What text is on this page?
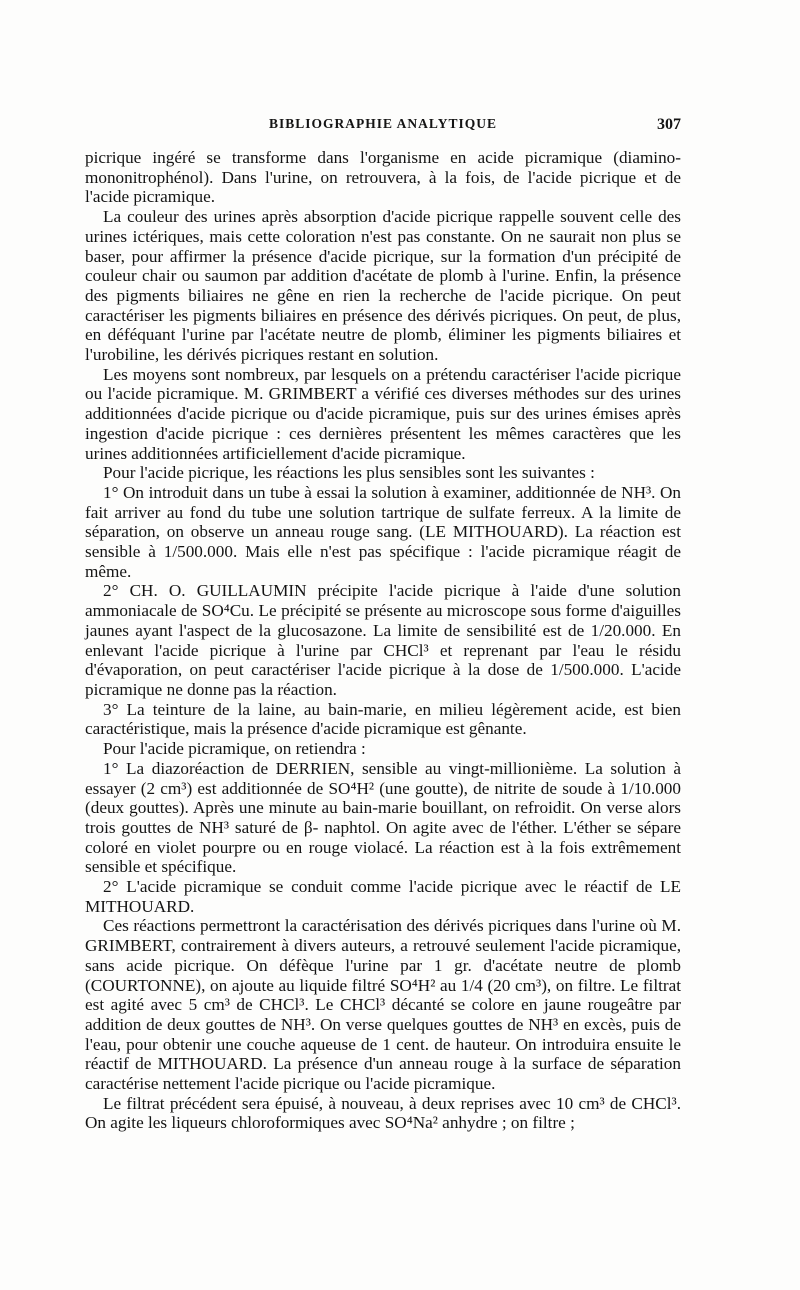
BIBLIOGRAPHIE ANALYTIQUE	307

picrique ingéré se transforme dans l'organisme en acide picramique (diamino-mononitrophénol). Dans l'urine, on retrouvera, à la fois, de l'acide picrique et de l'acide picramique.

La couleur des urines après absorption d'acide picrique rappelle souvent celle des urines ictériques, mais cette coloration n'est pas constante. On ne saurait non plus se baser, pour affirmer la présence d'acide picrique, sur la formation d'un précipité de couleur chair ou saumon par addition d'acétate de plomb à l'urine. Enfin, la présence des pigments biliaires ne gêne en rien la recherche de l'acide picrique. On peut caractériser les pigments biliaires en présence des dérivés picriques. On peut, de plus, en déféquant l'urine par l'acétate neutre de plomb, éliminer les pigments biliaires et l'urobiline, les dérivés picriques restant en solution.

Les moyens sont nombreux, par lesquels on a prétendu caractériser l'acide picrique ou l'acide picramique. M. GRIMBERT a vérifié ces diverses méthodes sur des urines additionnées d'acide picrique ou d'acide picramique, puis sur des urines émises après ingestion d'acide picrique : ces dernières présentent les mêmes caractères que les urines additionnées artificiellement d'acide picramique.

Pour l'acide picrique, les réactions les plus sensibles sont les suivantes :

1° On introduit dans un tube à essai la solution à examiner, additionnée de NH³. On fait arriver au fond du tube une solution tartrique de sulfate ferreux. A la limite de séparation, on observe un anneau rouge sang. (LE MITHOUARD). La réaction est sensible à 1/500.000. Mais elle n'est pas spécifique : l'acide picramique réagit de même.

2° CH. O. GUILLAUMIN précipite l'acide picrique à l'aide d'une solution ammoniacale de SO⁴Cu. Le précipité se présente au microscope sous forme d'aiguilles jaunes ayant l'aspect de la glucosazone. La limite de sensibilité est de 1/20.000. En enlevant l'acide picrique à l'urine par CHCl³ et reprenant par l'eau le résidu d'évaporation, on peut caractériser l'acide picrique à la dose de 1/500.000. L'acide picramique ne donne pas la réaction.

3° La teinture de la laine, au bain-marie, en milieu légèrement acide, est bien caractéristique, mais la présence d'acide picramique est gênante.

Pour l'acide picramique, on retiendra :

1° La diazoréaction de DERRIEN, sensible au vingt-millionième. La solution à essayer (2 cm³) est additionnée de SO⁴H² (une goutte), de nitrite de soude à 1/10.000 (deux gouttes). Après une minute au bain-marie bouillant, on refroidit. On verse alors trois gouttes de NH³ saturé de β- naphtol. On agite avec de l'éther. L'éther se sépare coloré en violet pourpre ou en rouge violacé. La réaction est à la fois extrêmement sensible et spécifique.

2° L'acide picramique se conduit comme l'acide picrique avec le réactif de LE MITHOUARD.

Ces réactions permettront la caractérisation des dérivés picriques dans l'urine où M. GRIMBERT, contrairement à divers auteurs, a retrouvé seulement l'acide picramique, sans acide picrique. On défèque l'urine par 1 gr. d'acétate neutre de plomb (COURTONNE), on ajoute au liquide filtré SO⁴H² au 1/4 (20 cm³), on filtre. Le filtrat est agité avec 5 cm³ de CHCl³. Le CHCl³ décanté se colore en jaune rougeâtre par addition de deux gouttes de NH³. On verse quelques gouttes de NH³ en excès, puis de l'eau, pour obtenir une couche aqueuse de 1 cent. de hauteur. On introduira ensuite le réactif de MITHOUARD. La présence d'un anneau rouge à la surface de séparation caractérise nettement l'acide picrique ou l'acide picramique.

Le filtrat précédent sera épuisé, à nouveau, à deux reprises avec 10 cm³ de CHCl³. On agite les liqueurs chloroformiques avec SO⁴Na² anhydre ; on filtre ;
